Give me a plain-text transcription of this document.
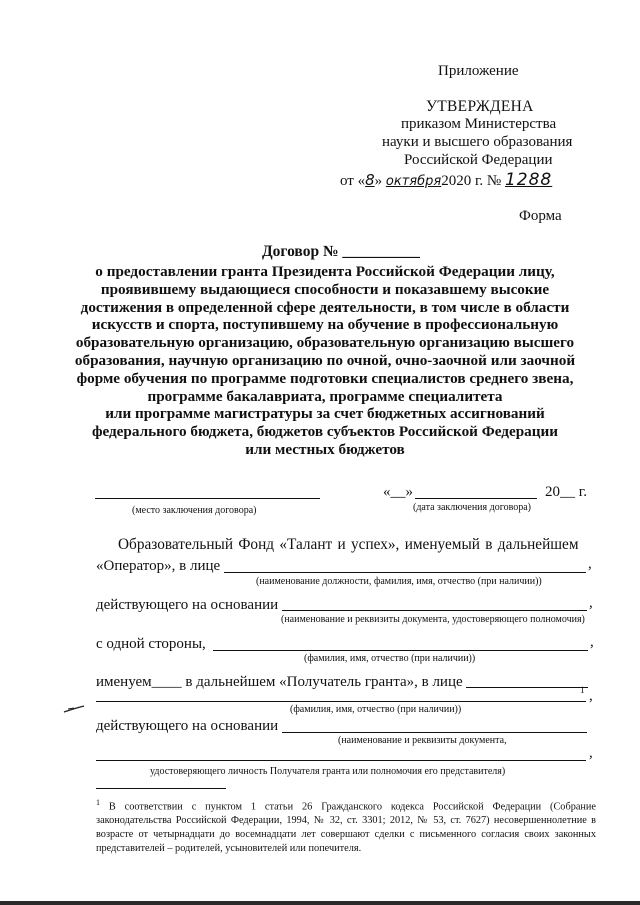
Приложение
УТВЕРЖДЕНА
приказом Министерства
науки и высшего образования
Российской Федерации
от «8» октября2020 г. № 1288
Форма
Договор № __________
о предоставлении гранта Президента Российской Федерации лицу,
проявившему выдающиеся способности и показавшему высокие
достижения в определенной сфере деятельности, в том числе в области
искусств и спорта, поступившему на обучение в профессиональную
образовательную организацию, образовательную организацию высшего
образования, научную организацию по очной, очно-заочной или заочной
форме обучения по программе подготовки специалистов среднего звена,
программе бакалавриата, программе специалитета
или программе магистратуры за счет бюджетных ассигнований
федерального бюджета, бюджетов субъектов Российской Федерации
или местных бюджетов
«__»	20__ г.
(место заключения договора)	(дата заключения договора)
Образовательный Фонд «Талант и успех», именуемый в дальнейшем
«Оператор», в лице	,
(наименование должности, фамилия, имя, отчество (при наличии))
действующего на основании	,
(наименование и реквизиты документа, удостоверяющего полномочия)
с одной стороны,	,
(фамилия, имя, отчество (при наличии))
именуем____ в дальнейшем «Получатель гранта», в лице	1 ,
(фамилия, имя, отчество (при наличии))
действующего на основании
(наименование и реквизиты документа,
,
удостоверяющего личность Получателя гранта или полномочия его представителя)
$^1$ В соответствии с пунктом 1 статьи 26 Гражданского кодекса Российской Федерации (Собрание законодательства Российской Федерации, 1994, № 32, ст. 3301; 2012, № 53, ст. 7627) несовершеннолетние в возрасте от четырнадцати до восемнадцати лет совершают сделки с письменного согласия своих законных представителей – родителей, усыновителей или попечителя.
